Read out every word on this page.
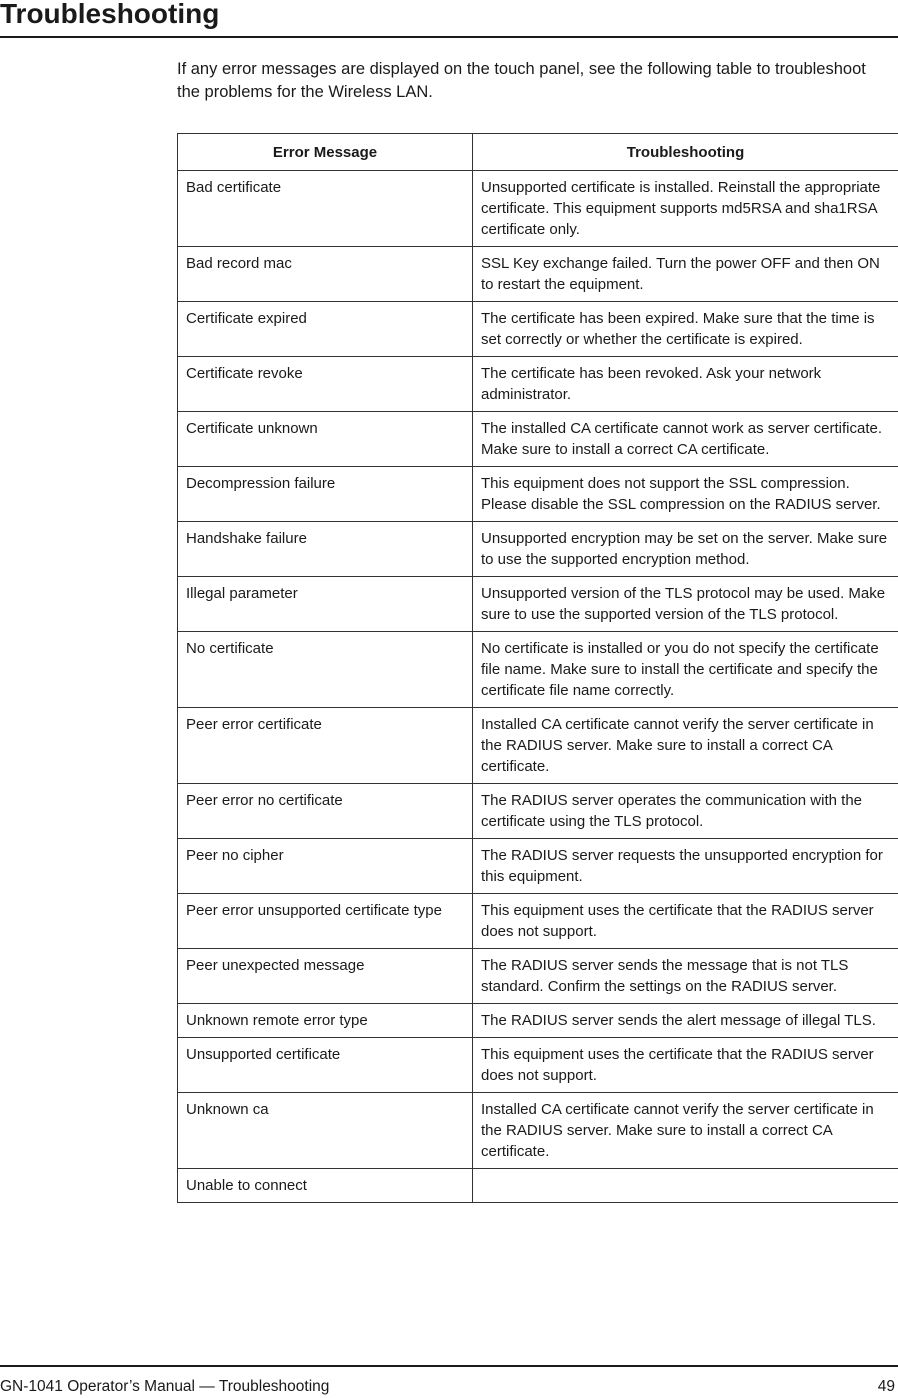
Troubleshooting

If any error messages are displayed on the touch panel, see the following table to troubleshoot the problems for the Wireless LAN.

Error Message	Troubleshooting
Bad certificate	Unsupported certificate is installed. Reinstall the appropriate certificate. This equipment supports md5RSA and sha1RSA certificate only.
Bad record mac	SSL Key exchange failed. Turn the power OFF and then ON to restart the equipment.
Certificate expired	The certificate has been expired. Make sure that the time is set correctly or whether the certificate is expired.
Certificate revoke	The certificate has been revoked. Ask your network administrator.
Certificate unknown	The installed CA certificate cannot work as server certificate. Make sure to install a correct CA certificate.
Decompression failure	This equipment does not support the SSL compression. Please disable the SSL compression on the RADIUS server.
Handshake failure	Unsupported encryption may be set on the server. Make sure to use the supported encryption method.
Illegal parameter	Unsupported version of the TLS protocol may be used. Make sure to use the supported version of the TLS protocol.
No certificate	No certificate is installed or you do not specify the certificate file name. Make sure to install the certificate and specify the certificate file name correctly.
Peer error certificate	Installed CA certificate cannot verify the server certificate in the RADIUS server. Make sure to install a correct CA certificate.
Peer error no certificate	The RADIUS server operates the communication with the certificate using the TLS protocol.
Peer no cipher	The RADIUS server requests the unsupported encryption for this equipment.
Peer error unsupported certificate type	This equipment uses the certificate that the RADIUS server does not support.
Peer unexpected message	The RADIUS server sends the message that is not TLS standard. Confirm the settings on the RADIUS server.
Unknown remote error type	The RADIUS server sends the alert message of illegal TLS.
Unsupported certificate	This equipment uses the certificate that the RADIUS server does not support.
Unknown ca	Installed CA certificate cannot verify the server certificate in the RADIUS server. Make sure to install a correct CA certificate.
Unable to connect	
GN-1041 Operator’s Manual — Troubleshooting	49
